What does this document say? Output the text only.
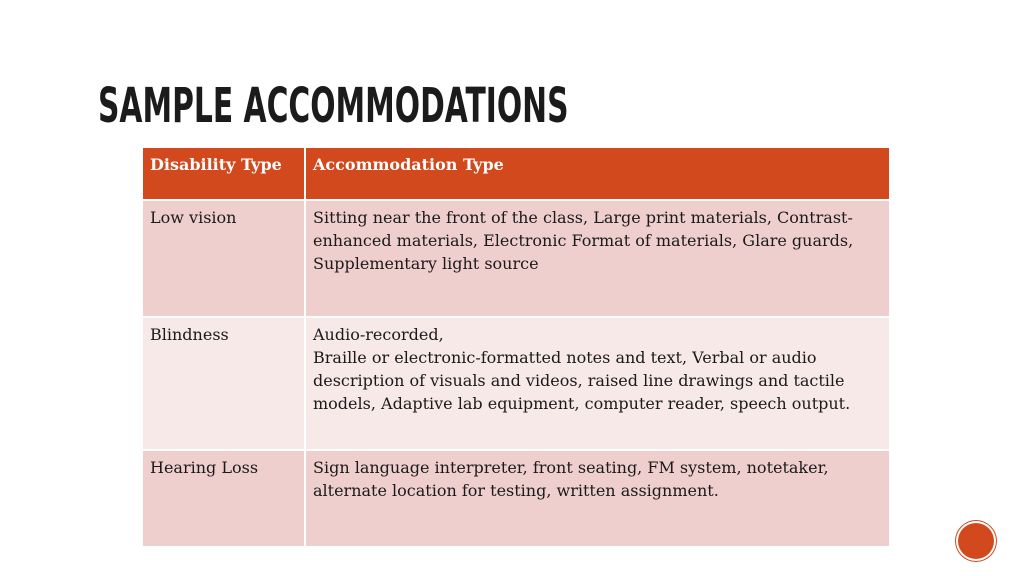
SAMPLE ACCOMMODATIONS
Disability Type	Accommodation Type
Low vision	Sitting near the front of the class, Large print materials, Contrast-enhanced materials, Electronic Format of materials, Glare guards,
Supplementary light source

Blindness	Audio-recorded,
Braille or electronic-formatted notes and text, Verbal or audio description of visuals and videos, raised line drawings and tactile models, Adaptive lab equipment, computer reader, speech output.

Hearing Loss	Sign language interpreter, front seating, FM system, notetaker, alternate location for testing, written assignment.
